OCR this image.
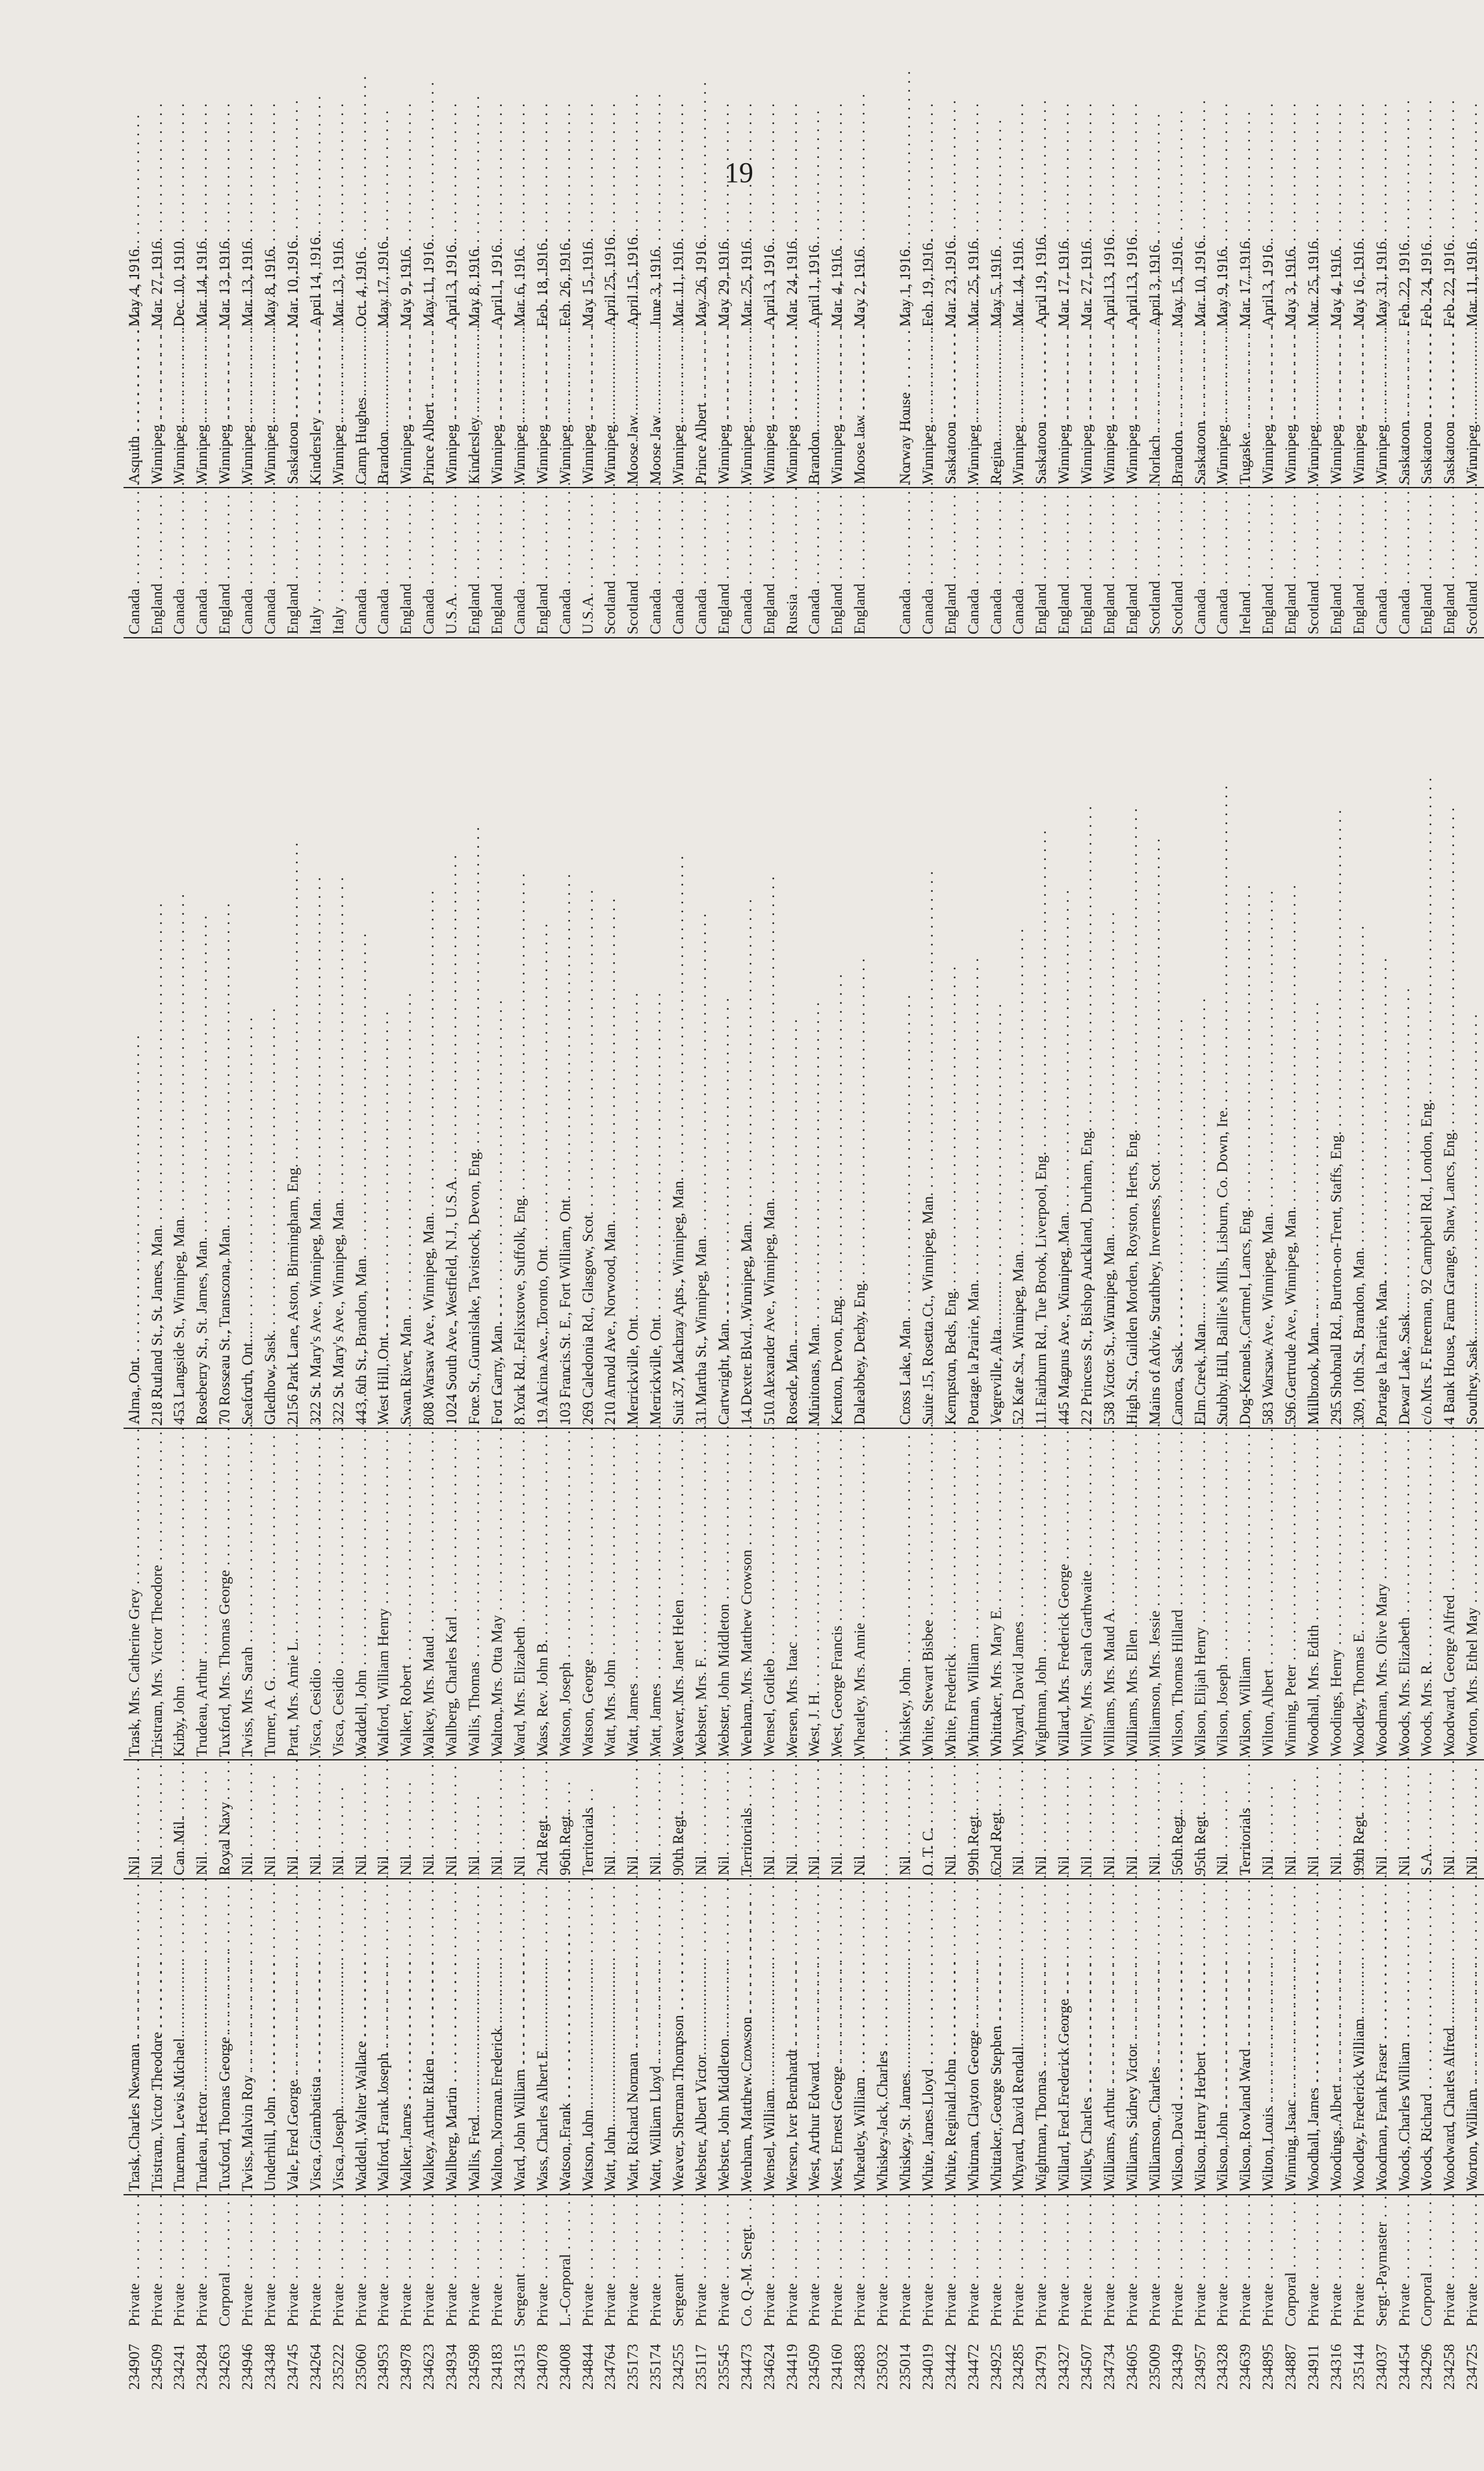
19
234907	Private . . .	Trask, Charles Newman . . .	Nil	Trask, Mrs. Catherine Grey . . .	Alma, Ont. . . .	Canada . . .	Asquith . . .	May 4, 1916.
234509	Private . . .	Tristram, Victor Theodore . . .	Nil	Tristram, Mrs. Victor Theodore . . .	218 Rutland St., St. James, Man. . . .	England . . .	Winnipeg . . .	Mar. 27, 1916.
234241	Private . . .	Trueman, Lewis Michael . . .	Can. Mil.	Kirby, John . . .	453 Langside St., Winnipeg, Man. . . .	Canada . . .	Winnipeg . . .	Dec. 10, 1910.
234284	Private . . .	Trudeau, Hector . . .	Nil	Trudeau, Arthur . . .	Roseberry St., St. James, Man. . . .	Canada . . .	Winnipeg . . .	Mar. 14, 1916.
234263	Corporal . . .	Tuxford, Thomas George . . .	Royal Navy	Tuxford, Mrs. Thomas George . . .	70 Rosseau St., Transcona, Man. . . .	England . . .	Winnipeg . . .	Mar. 13, 1916.
234946	Private . . .	Twiss, Malvin Roy . . .	Nil	Twiss, Mrs. Sarah . . .	Seaforth, Ont. . . .	Canada . . .	Winnipeg . . .	Mar. 13, 1916.
234348	Private . . .	Underhill, John . . .	Nil	Turner, A. G. . . .	Gledhow, Sask. . . .	Canada . . .	Winnipeg . . .	May 8, 1916.
234745	Private . . .	Vale, Fred George . . .	Nil	Pratt, Mrs. Amie L. . . .	2156 Park Lane, Aston, Birmingham, Eng. . . .	England . . .	Saskatoon . . .	Mar. 10, 1916.
234264	Private . . .	Visca, Giambatista . . .	Nil	Visca, Cesidio . . .	322 St. Mary's Ave., Winnipeg, Man. . . .	Italy . . .	Kindersley . . .	April 14, 1916.
235222	Private . . .	Visca, Joseph . . .	Nil	Visca, Cesidio . . .	322 St. Mary's Ave., Winnipeg, Man. . . .	Italy . . .	Winnipeg . . .	Mar. 13, 1916.
235060	Private . . .	Waddell, Walter Wallace . . .	Nil	Waddell, John . . .	443, 6th St., Brandon, Man. . . .	Canada . . .	Camp Hughes . . .	Oct. 4, 1916.
234953	Private . . .	Walford, Frank Joseph . . .	Nil	Walford, William Henry . . .	West Hill, Ont. . . .	Canada . . .	Brandon . . .	May 17, 1916.
234978	Private . . .	Walker, James . . .	Nil	Walker, Robert . . .	Swan River, Man. . . .	England . . .	Winnipeg . . .	May 9, 1916.
234623	Private . . .	Walkey, Arthur Riden . . .	Nil	Walkey, Mrs. Maud . . .	808 Warsaw Ave., Winnipeg, Man. . . .	Canada . . .	Prince Albert . . .	May 11, 1916.
234934	Private . . .	Wallberg, Martin . . .	Nil	Wallberg, Charles Karl . . .	1024 South Ave., Westfield, N.J., U.S.A. . . .	U.S.A. . . .	Winnipeg . . .	April 3, 1916.
234598	Private . . .	Wallis, Fred . . .	Nil	Wallis, Thomas . . .	Fore St., Gunnislake, Tavistock, Devon, Eng. . . .	England . . .	Kindersley . . .	May 8, 1916.
234183	Private . . .	Walton, Norman Frederick . . .	Nil	Walton, Mrs. Otta May . . .	Fort Garry, Man. . . .	England . . .	Winnipeg . . .	April 1, 1916.
234315	Sergeant . . .	Ward, John William . . .	Nil	Ward, Mrs. Elizabeth . . .	8 York Rd., Felixstowe, Suffolk, Eng. . . .	Canada . . .	Winnipeg . . .	Mar. 6, 1916.
234078	Private . . .	Wass, Charles Albert E. . . .	2nd Regt.	Wass, Rev. John B. . . .	19 Alcina Ave., Toronto, Ont. . . .	England . . .	Winnipeg . . .	Feb. 18, 1916.
234008	L.-Corporal . . .	Watson, Frank . . .	96th Regt.	Watson, Joseph . . .	103 Francis St. E., Fort William, Ont. . . .	Canada . . .	Winnipeg . . .	Feb. 26, 1916.
234844	Private . . .	Watson, John . . .	Territorials	Watson, George . . .	269 Caledonia Rd., Glasgow, Scot. . . .	U.S.A. . . .	Winnipeg . . .	May 15, 1916.
234764	Private . . .	Watt, John . . .	Nil	Watt, Mrs. John . . .	210 Arnold Ave., Norwood, Man. . . .	Scotland . . .	Winnipeg . . .	April 25, 1916.
235173	Private . . .	Watt, Richard Norman . . .	Nil	Watt, James . . .	Merrickville, Ont. . . .	Scotland . . .	Moose Jaw . . .	April 15, 1916.
235174	Private . . .	Watt, William Lloyd . . .	Nil	Watt, James . . .	Merrickville, Ont. . . .	Canada . . .	Moose Jaw . . .	June 3, 1916.
234255	Sergeant . . .	Weaver, Sherman Thompson . . .	90th Regt.	Weaver, Mrs. Janet Helen . . .	Suit 37, Machray Apts., Winnipeg, Man. . . .	Canada . . .	Winnipeg . . .	Mar. 11, 1916.
235117	Private . . .	Webster, Albert Victor . . .	Nil	Webster, Mrs. F. . . .	31 Martha St., Winnipeg, Man. . . .	Canada . . .	Prince Albert . . .	May 26, 1916.
235545	Private . . .	Webster, John Middleton . . .	Nil	Webster, John Middleton . . .	Cartwright, Man. . . .	England . . .	Winnipeg . . .	May 29, 1916.
234473	Co. Q.-M. Sergt. . . .	Wenham, Matthew Crowson . . .	Territorials	Wenham, Mrs. Matthew Crowson . . .	14 Dexter Blvd., Winnipeg, Man. . . .	Canada . . .	Winnipeg . . .	Mar. 25, 1916.
234624	Private . . .	Wensel, William . . .	Nil	Wensel, Gotlieb . . .	510 Alexander Ave., Winnipeg, Man. . . .	England . . .	Winnipeg . . .	April 3, 1916.
234419	Private . . .	Wersen, Iver Bernhardt . . .	Nil	Wersen, Mrs. Itaac . . .	Rosede, Man. . . .	Russia . . .	Winnipeg . . .	Mar. 24, 1916.
234509	Private . . .	West, Arthur Edward . . .	Nil	West, J. H. . . .	Minitonas, Man. . . .	Canada . . .	Brandon . . .	April 1, 1916.
234160	Private . . .	West, Ernest George . . .	Nil	West, George Francis . . .	Kenton, Devon, Eng. . . .	England . . .	Winnipeg . . .	Mar. 4, 1916.
234883	Private . . .	Wheatley, William . . .	Nil	Wheatley, Mrs. Annie . . .	Daleabbey, Derby, Eng. . . .	England . . .	Moose Jaw . . .	May 2, 1916.
235032	Private . . .	Whiskey-Jack, Charles . . .						
235014	Private . . .	Whiskey, St. James . . .	Nil	Whiskey, John . . .	Cross Lake, Man. . . .	Canada . . .	Norway House . . .	May 1, 1916.
234019	Private . . .	White, James Lloyd . . .	O. T. C.	White, Stewart Bisbee . . .	Suite 15, Rosetta Ct., Winnipeg, Man. . . .	Canada . . .	Winnipeg . . .	Feb. 19, 1916.
234442	Private . . .	White, Reginald John . . .	Nil	White, Frederick . . .	Kempston, Beds, Eng. . . .	England . . .	Saskatoon . . .	Mar. 23, 1916.
234472	Private . . .	Whitman, Clayton George . . .	99th Regt.	Whitman, William . . .	Portage la Prairie, Man. . . .	Canada . . .	Winnipeg . . .	Mar. 25, 1916.
234925	Private . . .	Whittaker, George Stephen . . .	62nd Regt.	Whittaker, Mrs. Mary E. . . .	Vegreville, Alta. . . .	Canada . . .	Regina . . .	May 5, 1916.
234285	Private . . .	Whyard, David Rendall . . .	Nil	Whyard, David James . . .	52 Kate St., Winnipeg, Man. . . .	Canada . . .	Winnipeg . . .	Mar. 14, 1916.
234791	Private . . .	Wightman, Thomas . . .	Nil	Wightman, John . . .	11 Fairburn Rd., Tue Brook, Liverpool, Eng. . . .	England . . .	Saskatoon . . .	April 19, 1916.
234327	Private . . .	Willard, Fred Frederick George . . .	Nil	Willard, Mrs. Frederick George . . .	445 Magnus Ave., Winnipeg, Man. . . .	England . . .	Winnipeg . . .	Mar. 17, 1916.
234507	Private . . .	Willey, Charles . . .	Nil	Willey, Mrs. Sarah Garthwaite . . .	22 Princess St., Bishop Auckland, Durham, Eng. . . .	England . . .	Winnipeg . . .	Mar. 27, 1916.
234734	Private . . .	Williams, Arthur . . .	Nil	Williams, Mrs. Maud A. . . .	538 Victor St., Winnipeg, Man. . . .	England . . .	Winnipeg . . .	April 13, 1916.
234605	Private . . .	Williams, Sidney Victor . . .	Nil	Williams, Mrs. Ellen . . .	High St., Guilden Morden, Royston, Herts, Eng. . . .	England . . .	Winnipeg . . .	April 13, 1916.
235009	Private . . .	Williamson, Charles . . .	Nil	Williamson, Mrs. Jessie . . .	Mains of Advie, Strathbey, Inverness, Scot. . . .	Scotland . . .	Norlach . . .	April 3, 1916.
234349	Private . . .	Wilson, David . . .	56th Regt.	Wilson, Thomas Hillard . . .	Canora, Sask. . . .	Scotland . . .	Brandon . . .	May 15, 1916.
234957	Private . . .	Wilson, Henry Herbert . . .	95th Regt.	Wilson, Elijah Henry . . .	Elm Creek, Man. . . .	Canada . . .	Saskatoon . . .	Mar. 10, 1916.
234328	Private . . .	Wilson, John . . .	Nil	Wilson, Joseph . . .	Stubby Hill, Baillie's Mills, Lisburn, Co. Down, Ire. . . .	Canada . . .	Winnipeg . . .	May 9, 1916.
234639	Private . . .	Wilson, Rowland Ward . . .	Territorials	Wilson, William . . .	Dog-Kennels, Cartmel, Lancs, Eng. . . .	Ireland . . .	Tugaske . . .	Mar. 17, 1916.
234895	Private . . .	Wilton, Louis . . .	Nil	Wilton, Albert . . .	583 Warsaw Ave., Winnipeg, Man. . . .	England . . .	Winnipeg . . .	April 3, 1916.
234887	Corporal . . .	Winning, Isaac . . .	Nil	Winning, Peter . . .	596 Gertrude Ave., Winnipeg, Man. . . .	England . . .	Winnipeg . . .	May 3, 1916.
234911	Private . . .	Woodhall, James . . .	Nil	Woodhall, Mrs. Edith . . .	Millbrook, Man. . . .	Scotland . . .	Winnipeg . . .	Mar. 25, 1916.
234316	Private . . .	Woodings, Albert . . .	Nil	Woodings, Henry . . .	295 Shobnall Rd., Burton-on-Trent, Staffs, Eng. . . .	England . . .	Winnipeg . . .	May 4, 1916.
235144	Private . . .	Woodley, Frederick William . . .	99th Regt.	Woodley, Thomas E. . . .	309, 10th St., Brandon, Man. . . .	England . . .	Winnipeg . . .	May 16, 1916.
234037	Sergt.-Paymaster . . .	Woodman, Frank Fraser . . .	Nil	Woodman, Mrs. Olive Mary . . .	Portage la Prairie, Man. . . .	Canada . . .	Winnipeg . . .	May 31, 1916.
234454	Private . . .	Woods, Charles William . . .	Nil	Woods, Mrs. Elizabeth . . .	Dewar Lake, Sask. . . .	Canada . . .	Saskatoon . . .	Feb. 22, 1916.
234296	Corporal . . .	Woods, Richard . . .	S.A.	Woods, Mrs. R. . . .	c/o Mrs. F. Freeman, 92 Campbell Rd., London, Eng. . . .	England . . .	Saskatoon . . .	Feb. 24, 1916.
234258	Private . . .	Woodward, Charles Alfred . . .	Nil	Woodward, George Alfred . . .	4 Bank House, Farm Grange, Shaw, Lancs, Eng. . . .	England . . .	Saskatoon . . .	Feb. 22, 1916.
234725	Private . . .	Worton, William . . .	Nil	Worton, Mrs. Ethel May . . .	Southey, Sask. . . .	Scotland . . .	Winnipeg . . .	Mar. 11, 1916.
